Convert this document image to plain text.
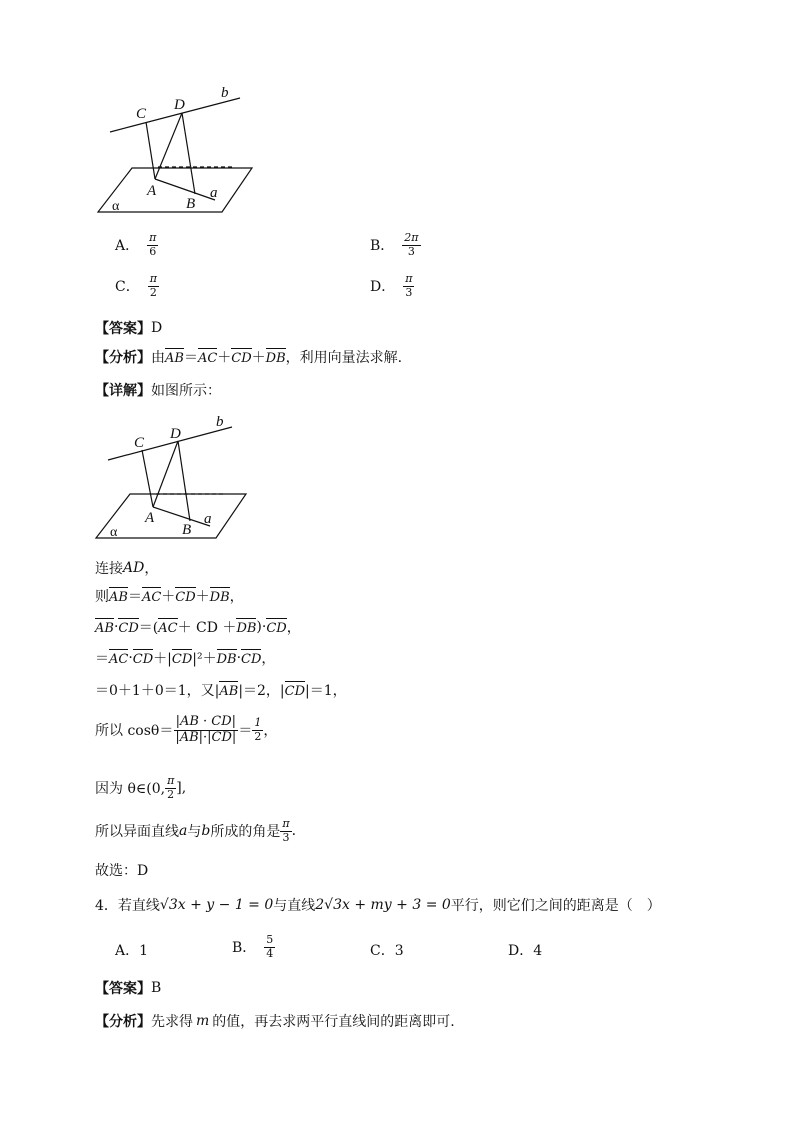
C
D
b
A
B
a
α
A． $\frac{\pi}{6}$	B． $\frac{2\pi}{3}$
C． $\frac{\pi}{2}$	D． $\frac{\pi}{3}$
【答案】 D
【分析】 由 AB ＝ AC ＋ CD ＋ DB ，利用向量法求解.
【详解】 如图所示：
C
D
b
A
B
a
α
连接 AD ，
则 AB ＝ AC ＋ CD ＋ DB ，
AB · CD ＝( AC ＋ CD ＋ DB )· CD ，
＝ AC · CD ＋| CD |²＋ DB · CD ，
＝0＋1＋0＝1，又| AB |＝2，| CD |＝1，
所以 $\cos\theta= \frac{|AB \cdot CD|}{|AB|\cdot|CD|} = \frac{1}{2}$ ，
因为 θ∈(0, $\frac{\pi}{2}$ ],
所以异面直线 a 与 b 所成的角是 $\frac{\pi}{3}$ .
故选：D
4．若直线 √3x + y − 1 = 0 与直线 2√3x + my + 3 = 0 平行，则它们之间的距离是（　）
A．1	B． $\frac{5}{4}$	C．3	D．4
【答案】 B
【分析】 先求得 m 的值，再去求两平行直线间的距离即可.
